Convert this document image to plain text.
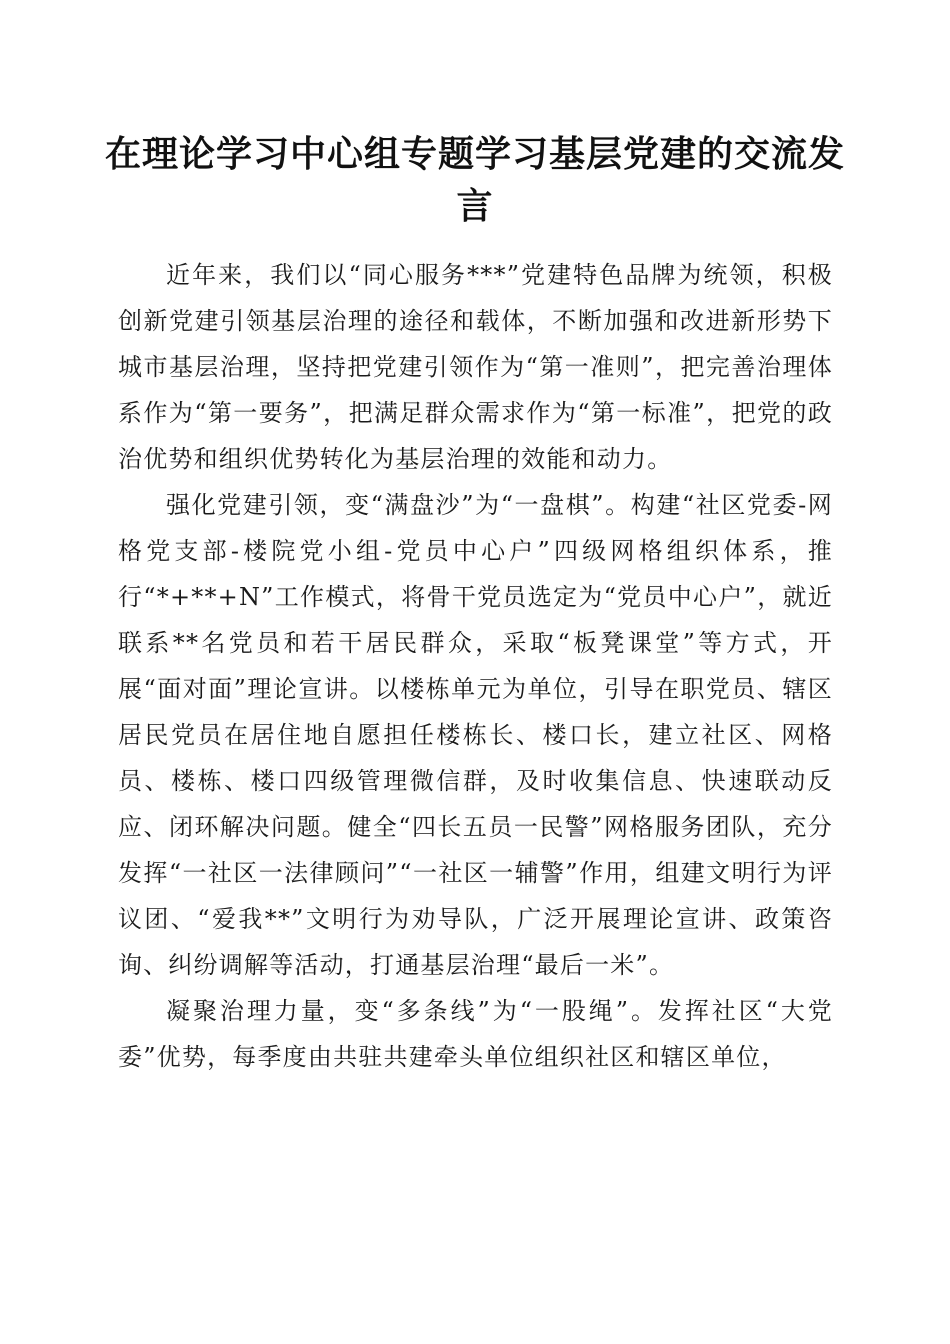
在理论学习中心组专题学习基层党建的交流发言

近年来，我们以“同心服务***”党建特色品牌为统领，积极创新党建引领基层治理的途径和载体，不断加强和改进新形势下城市基层治理，坚持把党建引领作为“第一准则”，把完善治理体系作为“第一要务”，把满足群众需求作为“第一标准”，把党的政治优势和组织优势转化为基层治理的效能和动力。

强化党建引领，变“满盘沙”为“一盘棋”。构建“社区党委-网格党支部-楼院党小组-党员中心户”四级网格组织体系，推行“*+**+N”工作模式，将骨干党员选定为“党员中心户”，就近联系**名党员和若干居民群众，采取“板凳课堂”等方式，开展“面对面”理论宣讲。以楼栋单元为单位，引导在职党员、辖区居民党员在居住地自愿担任楼栋长、楼口长，建立社区、网格员、楼栋、楼口四级管理微信群，及时收集信息、快速联动反应、闭环解决问题。健全“四长五员一民警”网格服务团队，充分发挥“一社区一法律顾问”“一社区一辅警”作用，组建文明行为评议团、“爱我**”文明行为劝导队，广泛开展理论宣讲、政策咨询、纠纷调解等活动，打通基层治理“最后一米”。

凝聚治理力量，变“多条线”为“一股绳”。发挥社区“大党委”优势，每季度由共驻共建牵头单位组织社区和辖区单位，
